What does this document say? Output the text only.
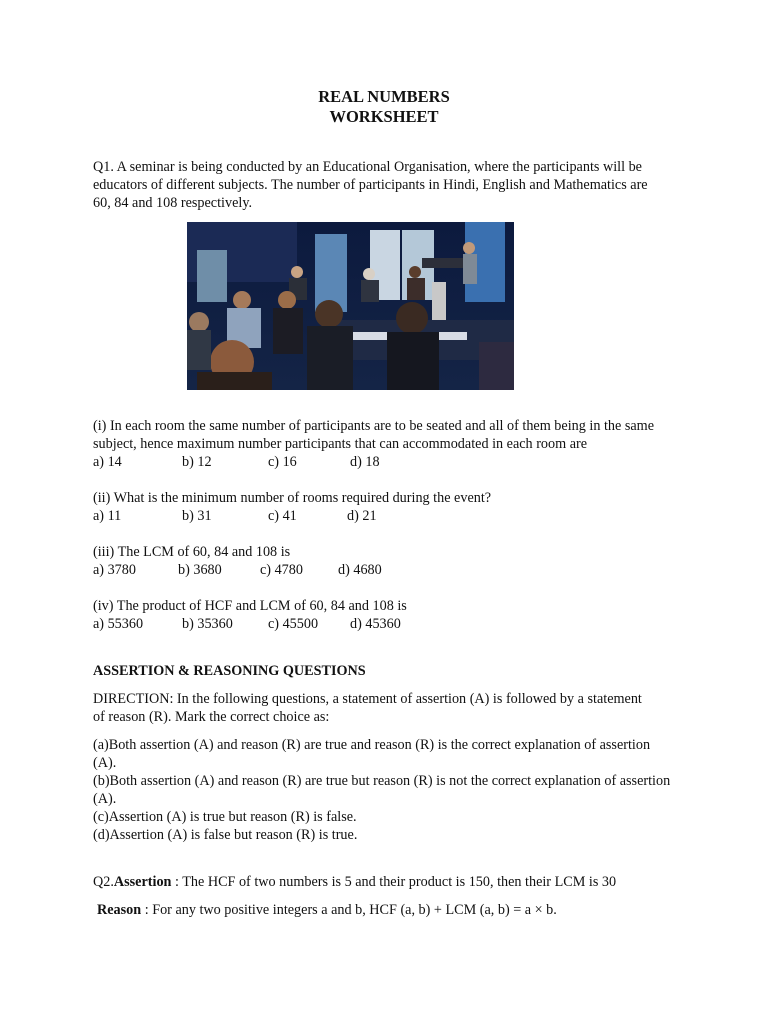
REAL NUMBERS
WORKSHEET
Q1. A seminar is being conducted by an Educational Organisation, where the participants will be educators of different subjects. The number of participants in Hindi, English and Mathematics are 60, 84 and 108 respectively.
(i) In each room the same number of participants are to be seated and all of them being in the same subject, hence maximum number participants that can accommodated in each room are
a) 14	b) 12	c) 16	d) 18
(ii) What is the minimum number of rooms required during the event?
a) 11	b) 31	c) 41	d) 21
(iii) The LCM of 60, 84 and 108 is
a) 3780	b) 3680	c) 4780 d) 4680
(iv) The product of HCF and LCM of 60, 84 and 108 is
a) 55360	b) 35360 c) 45500 d) 45360
ASSERTION & REASONING QUESTIONS
DIRECTION: In the following questions, a statement of assertion (A) is followed by a statement of reason (R). Mark the correct choice as:
(a)Both assertion (A) and reason (R) are true and reason (R) is the correct explanation of assertion (A).
(b)Both assertion (A) and reason (R) are true but reason (R) is not the correct explanation of assertion (A).
(c)Assertion (A) is true but reason (R) is false.
(d)Assertion (A) is false but reason (R) is true.
Q2.Assertion : The HCF of two numbers is 5 and their product is 150, then their LCM is 30
Reason : For any two positive integers a and b, HCF (a, b) + LCM (a, b) = a × b.
